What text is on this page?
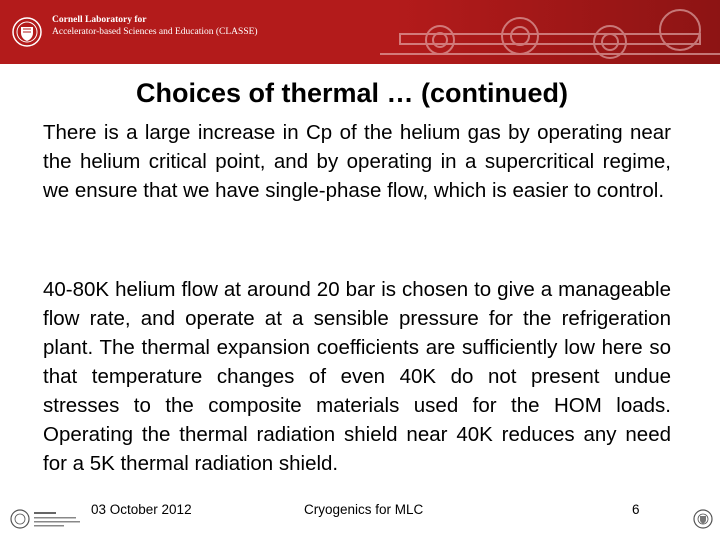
Cornell Laboratory for
Accelerator-based Sciences and Education (CLASSE)
Choices of thermal … (continued)

There is a large increase in Cp of the helium gas by operating near the helium critical point, and by operating in a supercritical regime, we ensure that we have single-phase flow, which is easier to control.

40-80K helium flow at around 20 bar is chosen to give a manageable flow rate, and operate at a sensible pressure for the refrigeration plant. The thermal expansion coefficients are sufficiently low here so that temperature changes of even 40K do not present undue stresses to the composite materials used for the HOM loads. Operating the thermal radiation shield near 40K reduces any need for a 5K thermal radiation shield.

03 October 2012	Cryogenics for MLC	6
